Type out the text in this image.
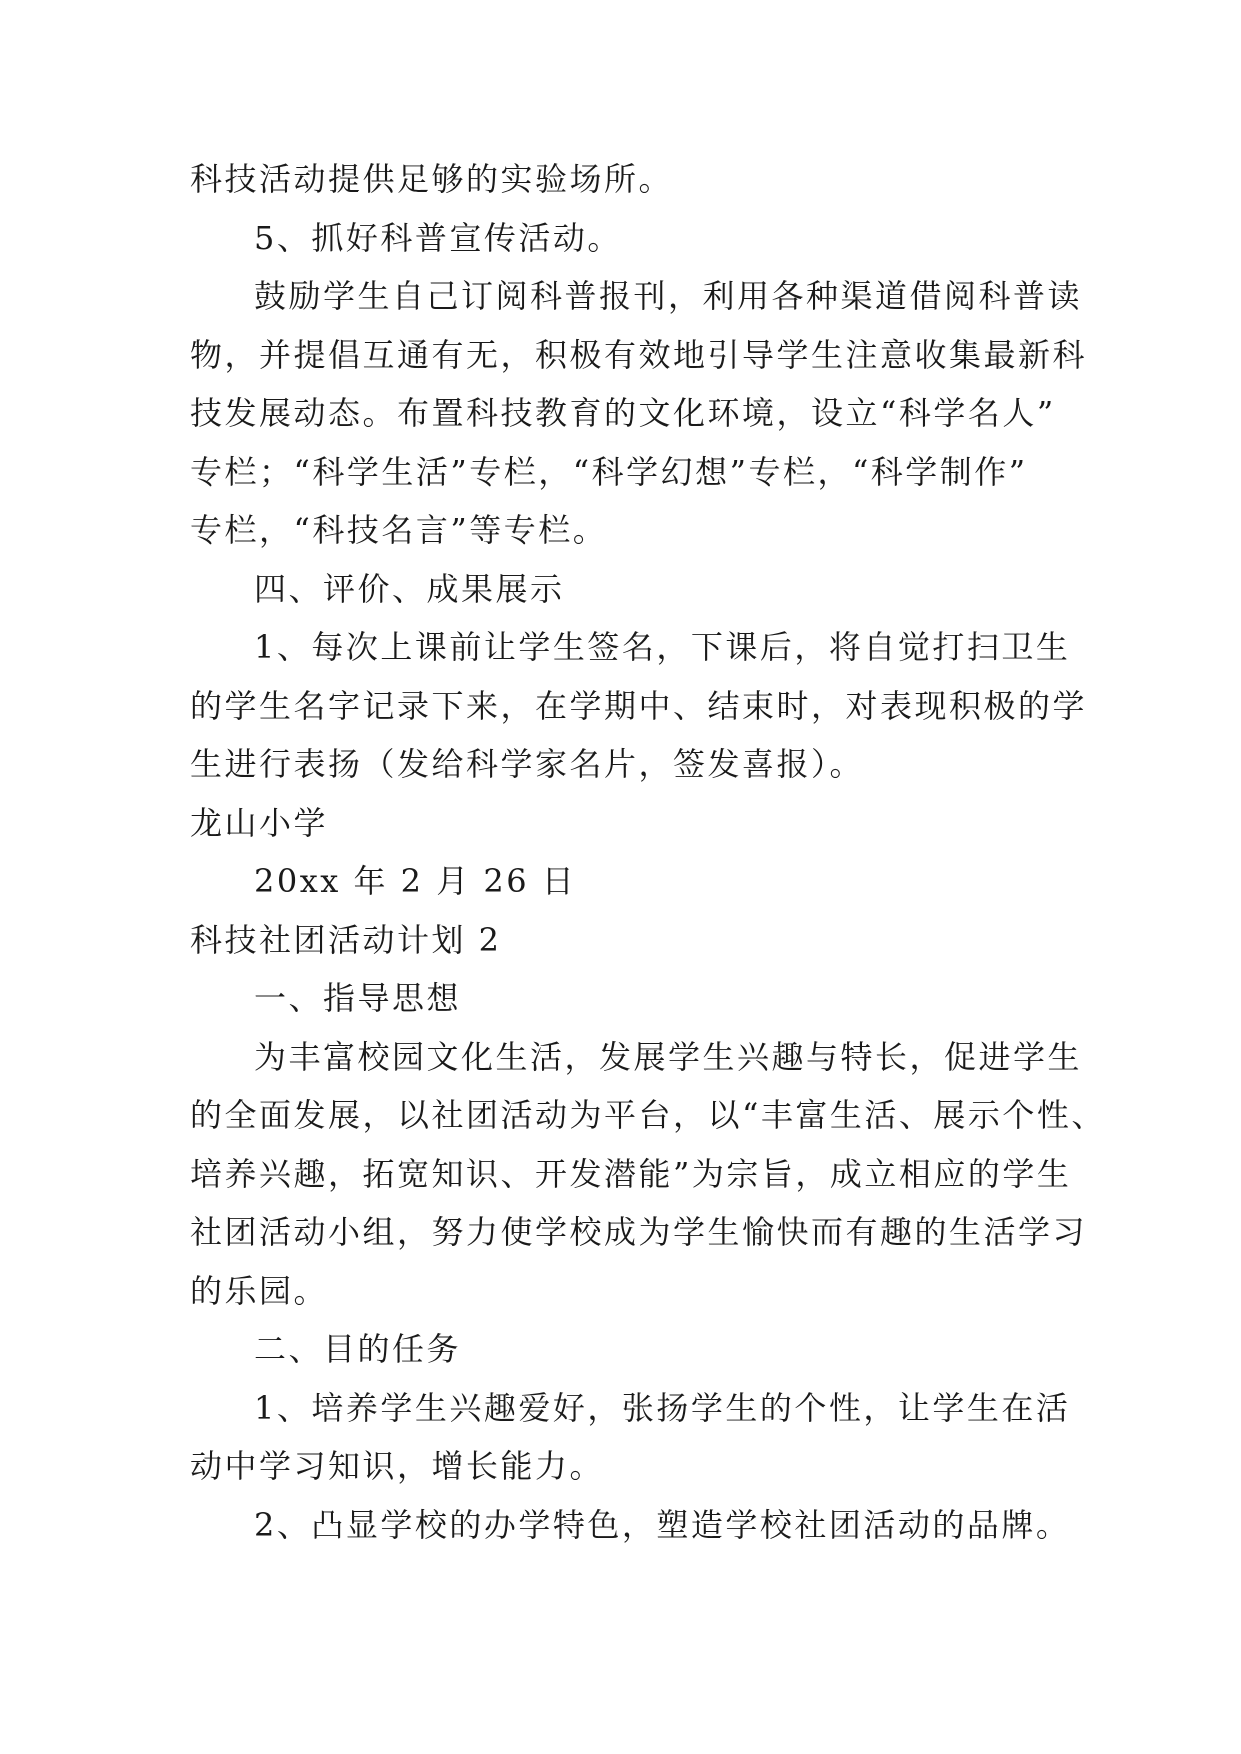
科技活动提供足够的实验场所。
5、抓好科普宣传活动。
鼓励学生自己订阅科普报刊，利用各种渠道借阅科普读
物，并提倡互通有无，积极有效地引导学生注意收集最新科
技发展动态。布置科技教育的文化环境，设立“科学名人”
专栏；“科学生活”专栏，“科学幻想”专栏，“科学制作”
专栏，“科技名言”等专栏。
四、评价、成果展示
1、每次上课前让学生签名，下课后，将自觉打扫卫生
的学生名字记录下来，在学期中、结束时，对表现积极的学
生进行表扬（发给科学家名片，签发喜报）。
龙山小学
20xx 年 2 月 26 日
科技社团活动计划 2
一、指导思想
为丰富校园文化生活，发展学生兴趣与特长，促进学生
的全面发展，以社团活动为平台，以“丰富生活、展示个性、
培养兴趣，拓宽知识、开发潜能”为宗旨，成立相应的学生
社团活动小组，努力使学校成为学生愉快而有趣的生活学习
的乐园。
二、目的任务
1、培养学生兴趣爱好，张扬学生的个性，让学生在活
动中学习知识，增长能力。
2、凸显学校的办学特色，塑造学校社团活动的品牌。
